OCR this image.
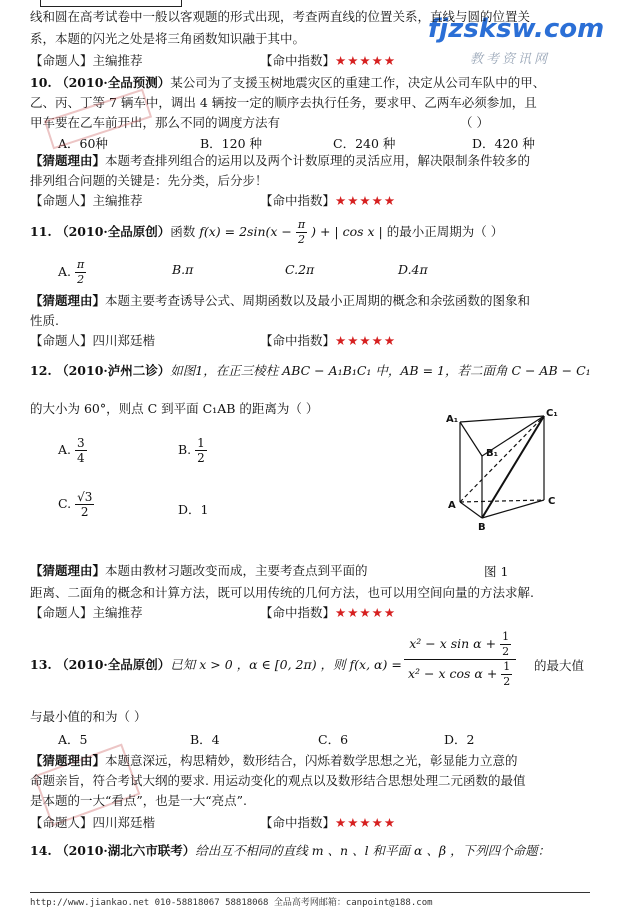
fjzsksw.com
教考资讯网
线和圆在高考试卷中一般以客观题的形式出现，考查两直线的位置关系，直线与圆的位置关
系，本题的闪光之处是将三角函数知识融于其中。
【命题人】主编推荐	【命中指数】★★★★★
10. （2010·全品预测）某公司为了支援玉树地震灾区的重建工作，决定从公司车队中的甲、
乙、丙、丁等 7 辆车中，调出 4 辆按一定的顺序去执行任务，要求甲、乙两车必须参加，且
甲车要在乙车前开出，那么不同的调度方法有	（ ）
A．60种	B．120 种	C．240 种	D．420 种
【猜题理由】本题考查排列组合的运用以及两个计数原理的灵活应用，解决限制条件较多的
排列组合问题的关键是：先分类，后分步！
【命题人】主编推荐	【命中指数】★★★★★
11. （2010·全品原创）函数 $f(x) = 2\sin(x - \frac{\pi}{2}$ ) + | cos x | 的最小正周期为（ ）
A. $\frac{\pi}{2}$	B.π	C.2π	D.4π
【猜题理由】本题主要考查诱导公式、周期函数以及最小正周期的概念和余弦函数的图象和
性质.
【命题人】四川郑廷楷	【命中指数】★★★★★
12. （2010·泸州二诊）如图1，在正三棱柱 ABC − A₁B₁C₁ 中，AB = 1，若二面角 C − AB − C₁
的大小为 60°，则点 C 到平面 C₁AB 的距离为（ ）
A. $\frac{3}{4}$	B. $\frac{1}{2}$
C. $\frac{√3}{2}$	D．1
A₁
C₁
B₁
A	C
B
【猜题理由】本题由教材习题改变而成，主要考查点到平面的	图 1
距离、二面角的概念和计算方法，既可以用传统的几何方法，也可以用空间向量的方法求解.
【命题人】主编推荐	【命中指数】★★★★★
13. （2010·全品原创）已知 x > 0 ，α ∈ [0, 2π) ，则 f(x, $\alpha) = \frac{x^2 - x \sin \alpha + \frac{1}{2}}{x^2 - x \cos \alpha + \frac{1}{2}}$ 的最大值
与最小值的和为（ ）
A．5	B．4	C．6	D．2
【猜题理由】本题意深远，构思精妙，数形结合，闪烁着数学思想之光，彰显能力立意的
命题亲旨，符合考试大纲的要求. 用运动变化的观点以及数形结合思想处理二元函数的最值
是本题的一大“看点”，也是一大“亮点”.
【命题人】四川郑廷楷	【命中指数】★★★★★
14. （2010·湖北六市联考）给出互不相同的直线 m 、n 、l 和平面 α 、β ，下列四个命题：
http://www.jiankao.net 010-58818067 58818068 全品高考网邮箱：canpoint@188.com
